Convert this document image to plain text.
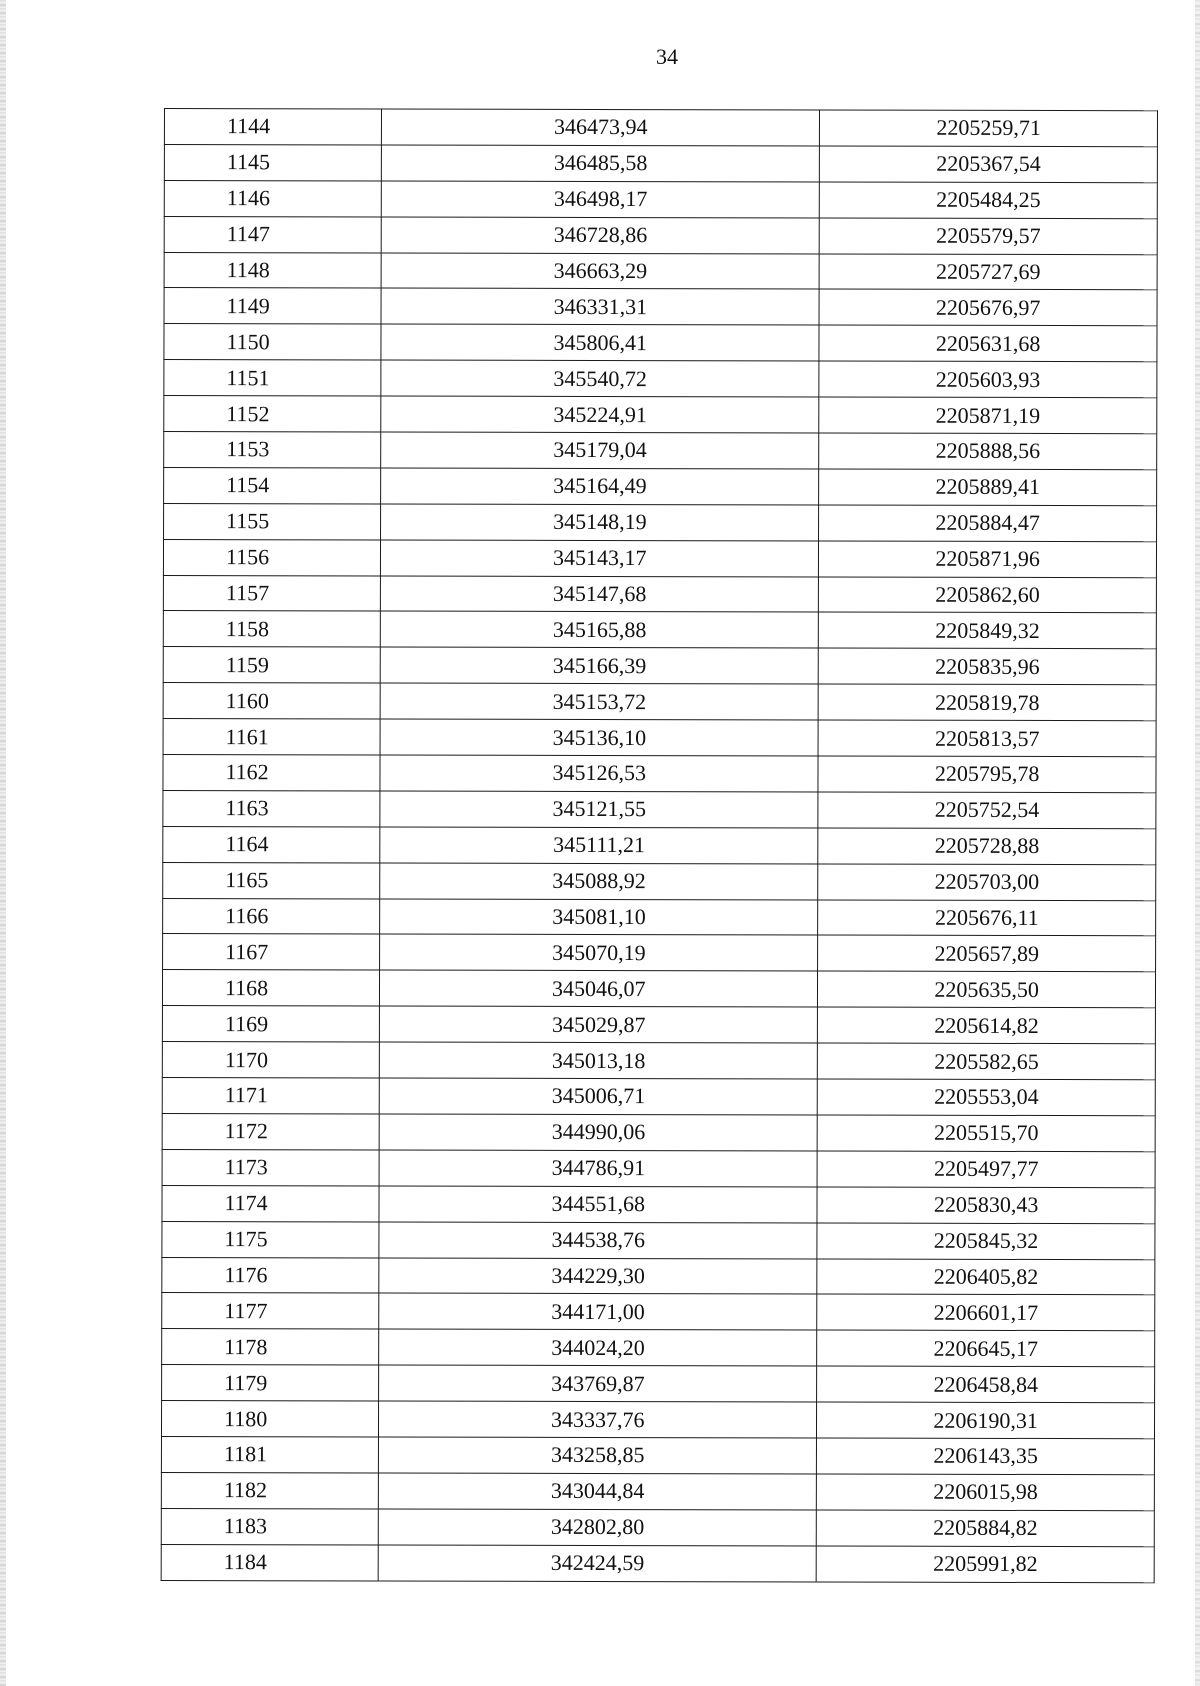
34
1144	346473,94	2205259,71
1145	346485,58	2205367,54
1146	346498,17	2205484,25
1147	346728,86	2205579,57
1148	346663,29	2205727,69
1149	346331,31	2205676,97
1150	345806,41	2205631,68
1151	345540,72	2205603,93
1152	345224,91	2205871,19
1153	345179,04	2205888,56
1154	345164,49	2205889,41
1155	345148,19	2205884,47
1156	345143,17	2205871,96
1157	345147,68	2205862,60
1158	345165,88	2205849,32
1159	345166,39	2205835,96
1160	345153,72	2205819,78
1161	345136,10	2205813,57
1162	345126,53	2205795,78
1163	345121,55	2205752,54
1164	345111,21	2205728,88
1165	345088,92	2205703,00
1166	345081,10	2205676,11
1167	345070,19	2205657,89
1168	345046,07	2205635,50
1169	345029,87	2205614,82
1170	345013,18	2205582,65
1171	345006,71	2205553,04
1172	344990,06	2205515,70
1173	344786,91	2205497,77
1174	344551,68	2205830,43
1175	344538,76	2205845,32
1176	344229,30	2206405,82
1177	344171,00	2206601,17
1178	344024,20	2206645,17
1179	343769,87	2206458,84
1180	343337,76	2206190,31
1181	343258,85	2206143,35
1182	343044,84	2206015,98
1183	342802,80	2205884,82
1184	342424,59	2205991,82
